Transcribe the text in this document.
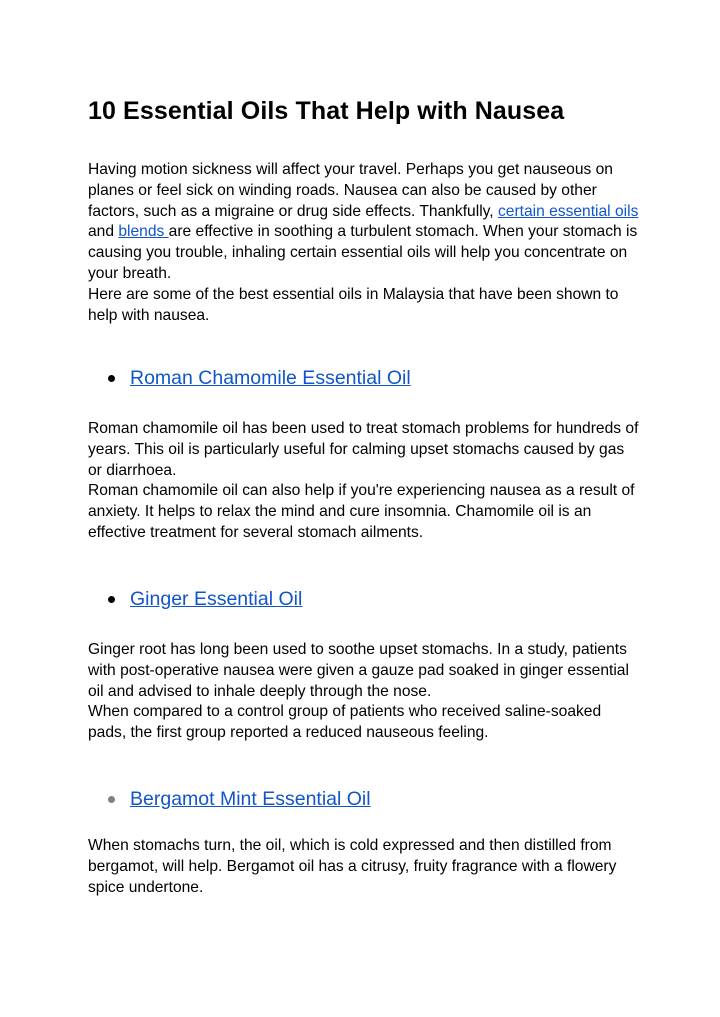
10 Essential Oils That Help with Nausea
Having motion sickness will affect your travel. Perhaps you get nauseous on planes or feel sick on winding roads. Nausea can also be caused by other factors, such as a migraine or drug side effects. Thankfully, certain essential oils and blends are effective in soothing a turbulent stomach. When your stomach is causing you trouble, inhaling certain essential oils will help you concentrate on your breath.
Here are some of the best essential oils in Malaysia that have been shown to help with nausea.
Roman Chamomile Essential Oil
Roman chamomile oil has been used to treat stomach problems for hundreds of years. This oil is particularly useful for calming upset stomachs caused by gas or diarrhoea.
Roman chamomile oil can also help if you're experiencing nausea as a result of anxiety. It helps to relax the mind and cure insomnia. Chamomile oil is an effective treatment for several stomach ailments.
Ginger Essential Oil
Ginger root has long been used to soothe upset stomachs. In a study, patients with post-operative nausea were given a gauze pad soaked in ginger essential oil and advised to inhale deeply through the nose.
When compared to a control group of patients who received saline-soaked pads, the first group reported a reduced nauseous feeling.
Bergamot Mint Essential Oil
When stomachs turn, the oil, which is cold expressed and then distilled from bergamot, will help. Bergamot oil has a citrusy, fruity fragrance with a flowery spice undertone.
